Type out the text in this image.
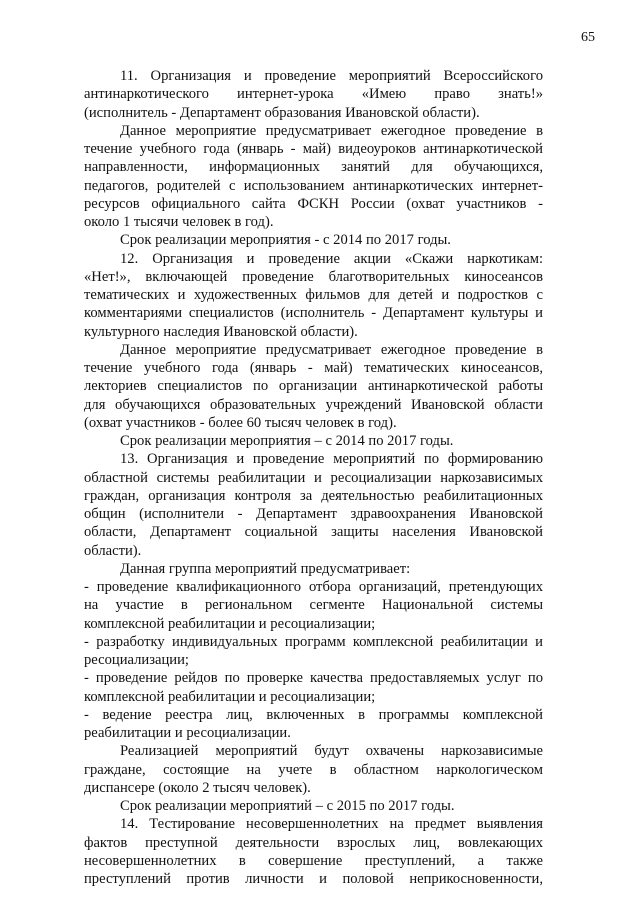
65
11. Организация и проведение мероприятий Всероссийского
антинаркотического интернет-урока «Имею право знать!»
(исполнитель - Департамент образования Ивановской области).
Данное мероприятие предусматривает ежегодное проведение в
течение учебного года (январь - май) видеоуроков антинаркотической
направленности, информационных занятий для обучающихся,
педагогов, родителей с использованием антинаркотических интернет-
ресурсов официального сайта ФСКН России (охват участников -
около 1 тысячи человек в год).
Срок реализации мероприятия - с 2014 по 2017 годы.
12. Организация и проведение акции «Скажи наркотикам:
«Нет!», включающей проведение благотворительных киносеансов
тематических и художественных фильмов для детей и подростков с
комментариями специалистов (исполнитель - Департамент культуры и
культурного наследия Ивановской области).
Данное мероприятие предусматривает ежегодное проведение в
течение учебного года (январь - май) тематических киносеансов,
лекториев специалистов по организации антинаркотической работы
для обучающихся образовательных учреждений Ивановской области
(охват участников - более 60 тысяч человек в год).
Срок реализации мероприятия – с 2014 по 2017 годы.
13. Организация и проведение мероприятий по формированию
областной системы реабилитации и ресоциализации наркозависимых
граждан, организация контроля за деятельностью реабилитационных
общин (исполнители - Департамент здравоохранения Ивановской
области, Департамент социальной защиты населения Ивановской
области).
Данная группа мероприятий предусматривает:
- проведение квалификационного отбора организаций, претендующих
на участие в региональном сегменте Национальной системы
комплексной реабилитации и ресоциализации;
- разработку индивидуальных программ комплексной реабилитации и
ресоциализации;
- проведение рейдов по проверке качества предоставляемых услуг по
комплексной реабилитации и ресоциализации;
- ведение реестра лиц, включенных в программы комплексной
реабилитации и ресоциализации.
Реализацией мероприятий будут охвачены наркозависимые
граждане, состоящие на учете в областном наркологическом
диспансере (около 2 тысяч человек).
Срок реализации мероприятий – с 2015 по 2017 годы.
14. Тестирование несовершеннолетних на предмет выявления
фактов преступной деятельности взрослых лиц, вовлекающих
несовершеннолетних в совершение преступлений, а также
преступлений против личности и половой неприкосновенности,
